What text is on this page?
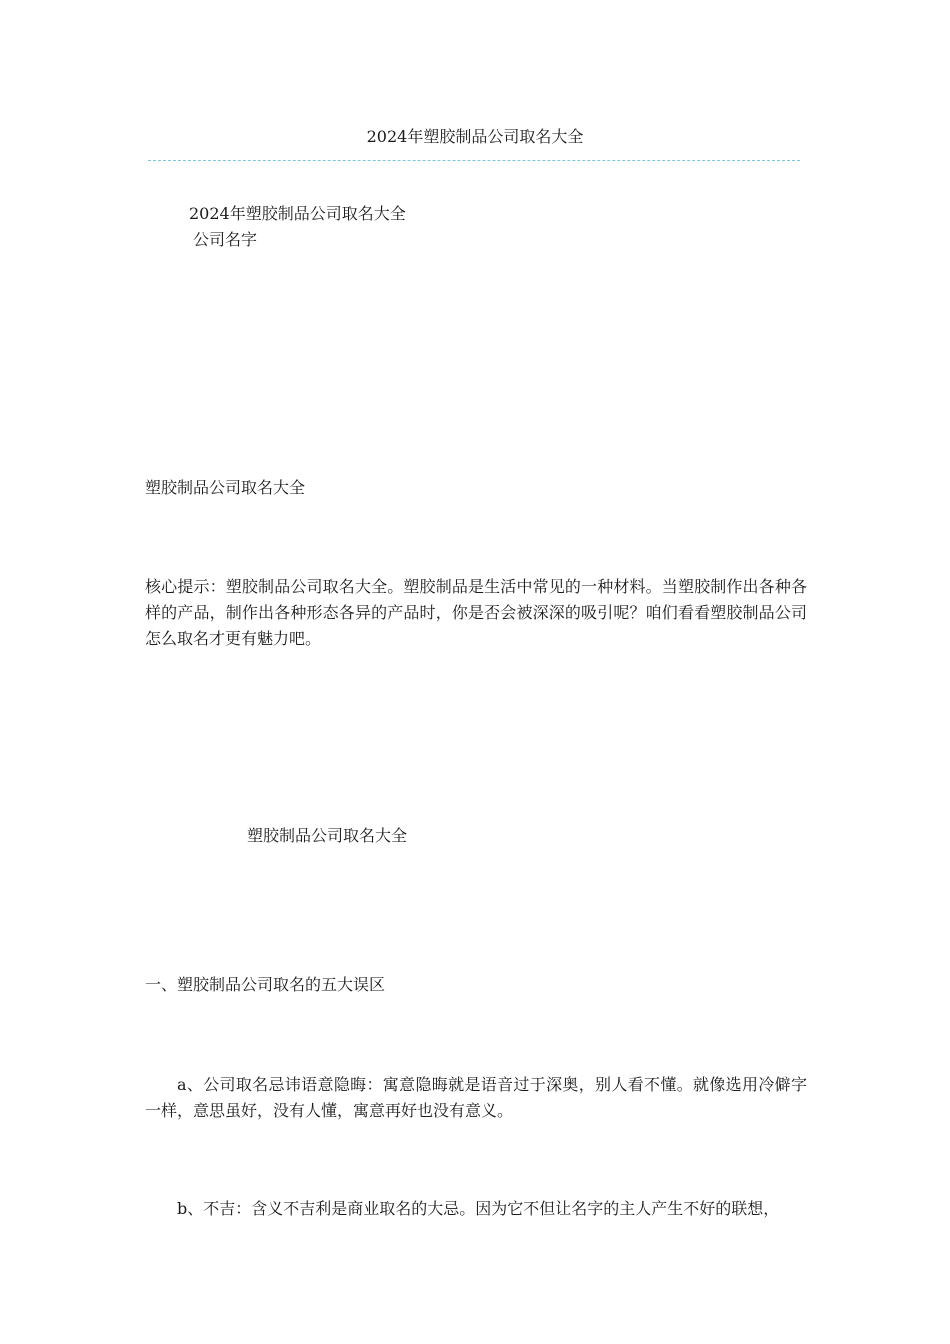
2024年塑胶制品公司取名大全
2024年塑胶制品公司取名大全
公司名字
塑胶制品公司取名大全
核心提示：塑胶制品公司取名大全。塑胶制品是生活中常见的一种材料。当塑胶制作出各种各样的产品，制作出各种形态各异的产品时，你是否会被深深的吸引呢？咱们看看塑胶制品公司怎么取名才更有魅力吧。
塑胶制品公司取名大全
一、塑胶制品公司取名的五大误区
a、公司取名忌讳语意隐晦：寓意隐晦就是语音过于深奥，别人看不懂。就像选用冷僻字一样，意思虽好，没有人懂，寓意再好也没有意义。
b、不吉：含义不吉利是商业取名的大忌。因为它不但让名字的主人产生不好的联想，
